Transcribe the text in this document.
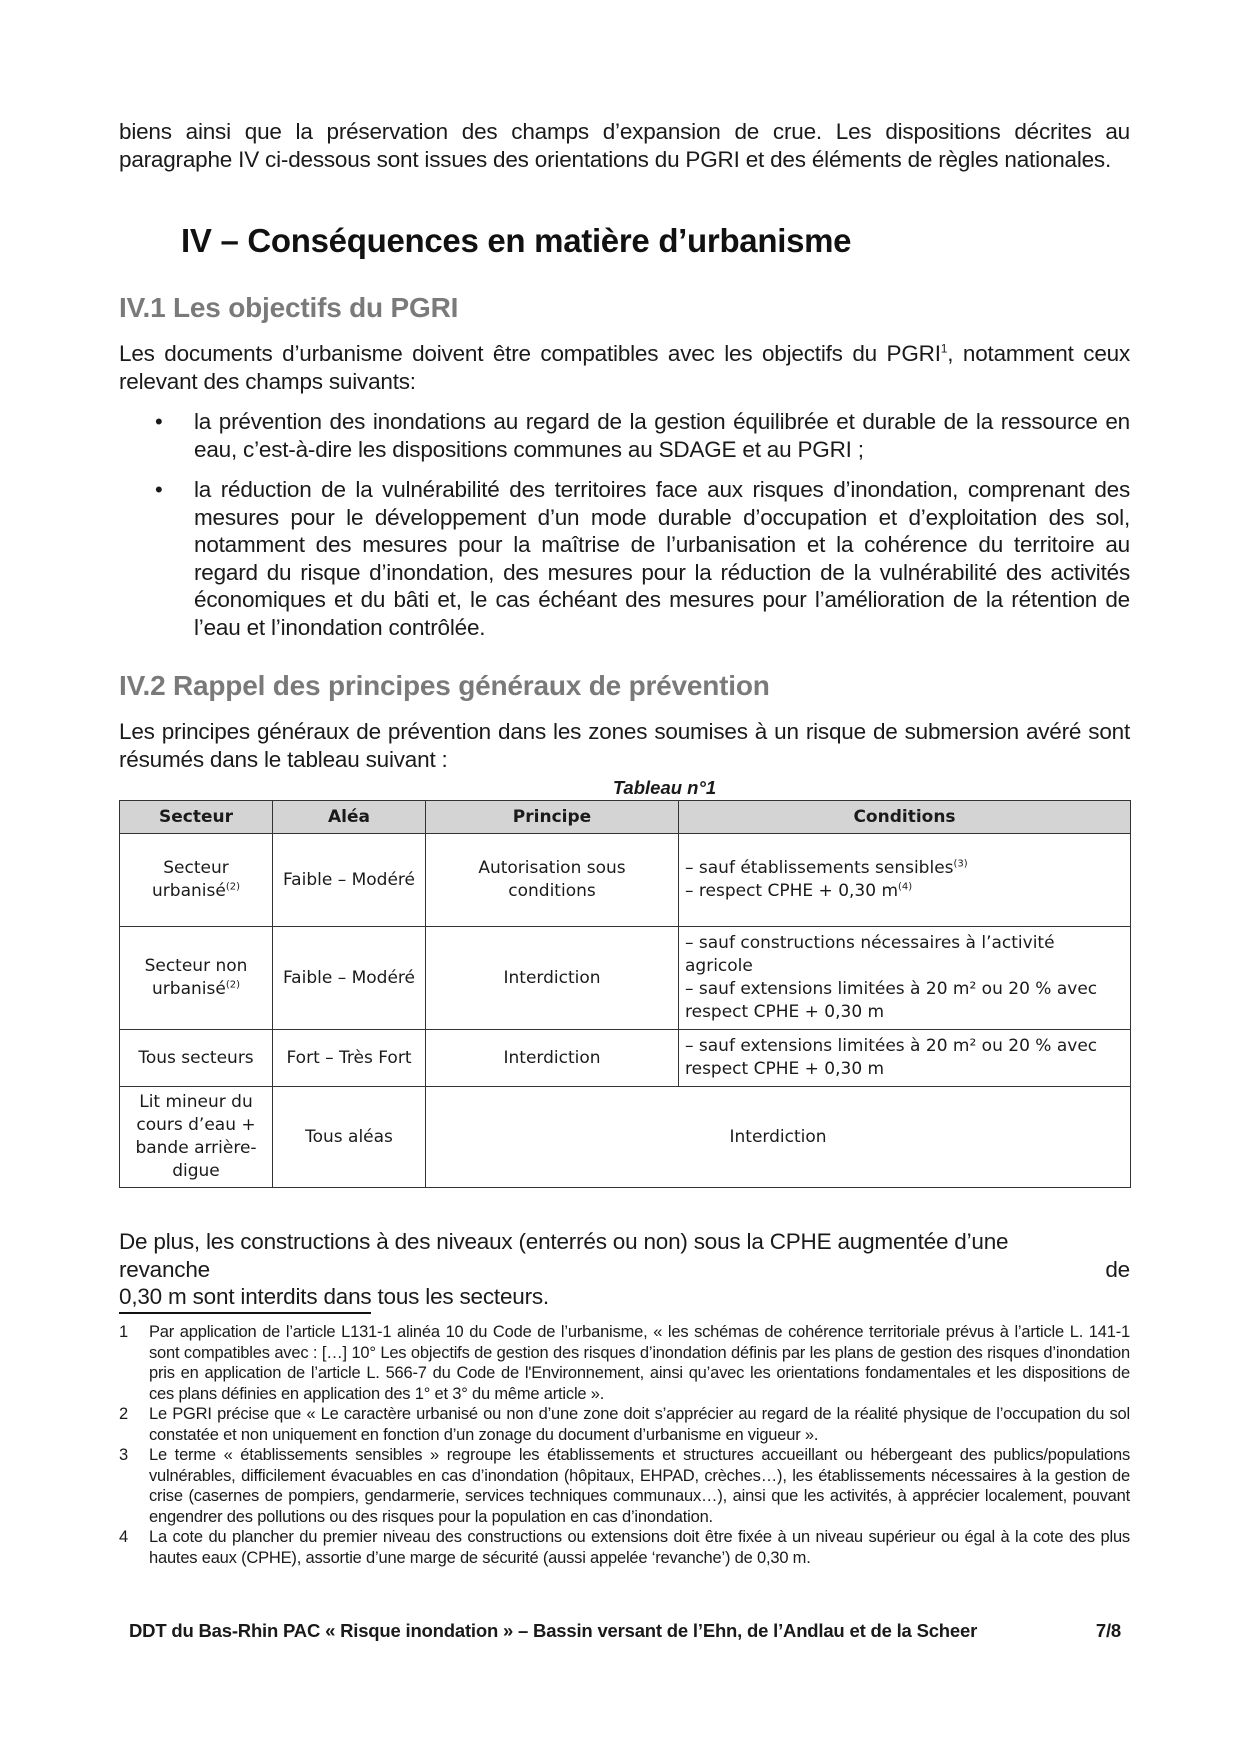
biens ainsi que la préservation des champs d’expansion de crue. Les dispositions décrites au paragraphe IV ci-dessous sont issues des orientations du PGRI et des éléments de règles nationales.

IV – Conséquences en matière d’urbanisme
IV.1 Les objectifs du PGRI

Les documents d’urbanisme doivent être compatibles avec les objectifs du PGRI$^1$, notamment ceux relevant des champs suivants:

• la prévention des inondations au regard de la gestion équilibrée et durable de la ressource en eau, c’est-à-dire les dispositions communes au SDAGE et au PGRI ;
• la réduction de la vulnérabilité des territoires face aux risques d’inondation, comprenant des mesures pour le développement d’un mode durable d’occupation et d’exploitation des sol, notamment des mesures pour la maîtrise de l’urbanisation et la cohérence du territoire au regard du risque d’inondation, des mesures pour la réduction de la vulnérabilité des activités économiques et du bâti et, le cas échéant des mesures pour l’amélioration de la rétention de l’eau et l’inondation contrôlée.
IV.2 Rappel des principes généraux de prévention

Les principes généraux de prévention dans les zones soumises à un risque de submersion avéré sont résumés dans le tableau suivant :

Tableau n°1
Secteur	Aléa	Principe	Conditions
Secteur urbanisé$^{(2)}$	Faible – Modéré	Autorisation sous conditions	– sauf établissements sensibles$^{(3)}$
– respect CPHE + 0,30 $m^{(4)}$

Secteur non urbanisé$^{(2)}$	Faible – Modéré	Interdiction	– sauf constructions nécessaires à l’activité agricole
– sauf extensions limitées à 20 m² ou 20 % avec respect CPHE + 0,30 m

Tous secteurs	Fort – Très Fort	Interdiction	– sauf extensions limitées à 20 m² ou 20 % avec respect CPHE + 0,30 m

Lit mineur du cours d’eau + bande arrière-digue	Tous aléas	Interdiction	
De plus, les constructions à des niveaux (enterrés ou non) sous la CPHE augmentée d’une
revanche	de
0,30 m sont interdits dans tous les secteurs.
1 Par application de l’article L131-1 alinéa 10 du Code de l’urbanisme, « les schémas de cohérence territoriale prévus à l’article L. 141-1 sont compatibles avec : […] 10° Les objectifs de gestion des risques d’inondation définis par les plans de gestion des risques d’inondation pris en application de l’article L. 566-7 du Code de l'Environnement, ainsi qu’avec les orientations fondamentales et les dispositions de ces plans définies en application des 1° et 3° du même article ».
2 Le PGRI précise que « Le caractère urbanisé ou non d’une zone doit s’apprécier au regard de la réalité physique de l’occupation du sol constatée et non uniquement en fonction d’un zonage du document d’urbanisme en vigueur ».
3 Le terme « établissements sensibles » regroupe les établissements et structures accueillant ou hébergeant des publics/populations vulnérables, difficilement évacuables en cas d’inondation (hôpitaux, EHPAD, crèches…), les établissements nécessaires à la gestion de crise (casernes de pompiers, gendarmerie, services techniques communaux…), ainsi que les activités, à apprécier localement, pouvant engendrer des pollutions ou des risques pour la population en cas d’inondation.
4 La cote du plancher du premier niveau des constructions ou extensions doit être fixée à un niveau supérieur ou égal à la cote des plus hautes eaux (CPHE), assortie d’une marge de sécurité (aussi appelée ‘revanche’) de 0,30 m.
DDT du Bas-Rhin PAC « Risque inondation » – Bassin versant de l’Ehn, de l’Andlau et de la Scheer	7/8
